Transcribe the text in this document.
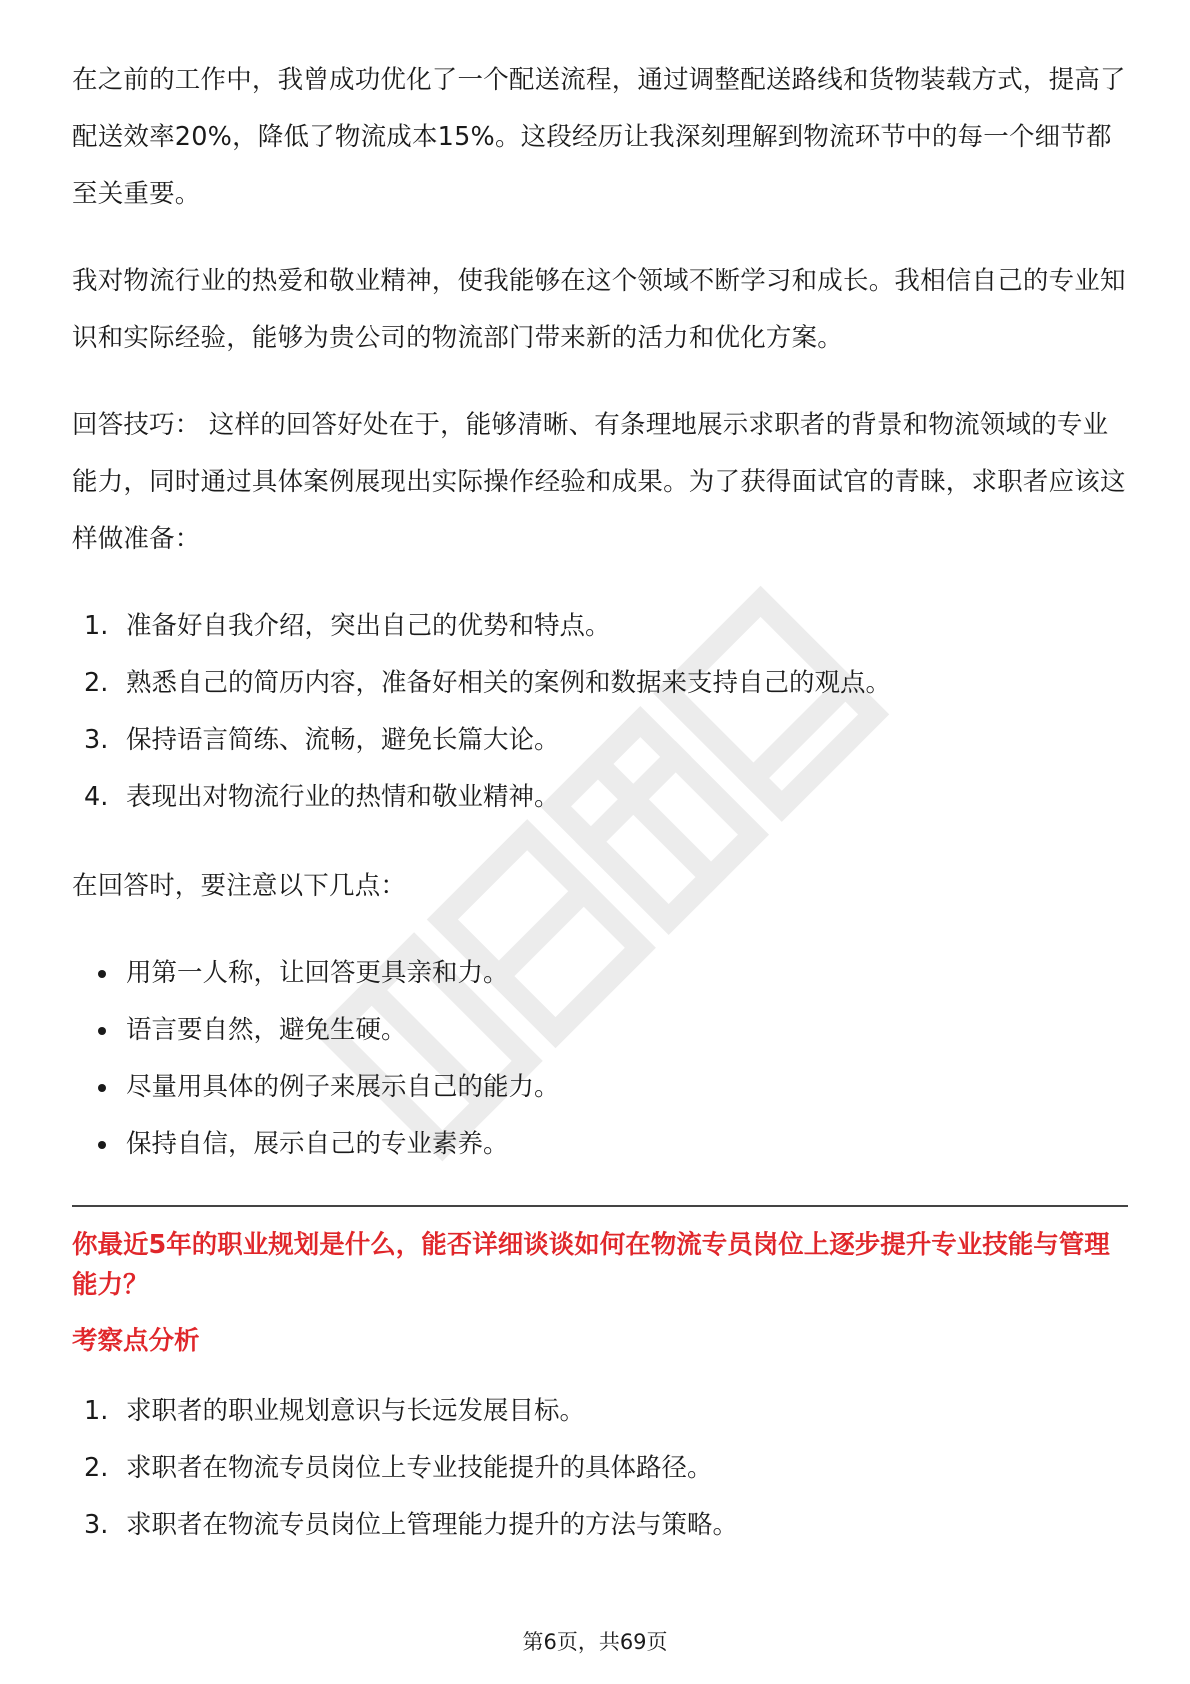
在之前的工作中，我曾成功优化了一个配送流程，通过调整配送路线和货物装载方式，提高了配送效率20%，降低了物流成本15%。这段经历让我深刻理解到物流环节中的每一个细节都至关重要。

我对物流行业的热爱和敬业精神，使我能够在这个领域不断学习和成长。我相信自己的专业知识和实际经验，能够为贵公司的物流部门带来新的活力和优化方案。

回答技巧： 这样的回答好处在于，能够清晰、有条理地展示求职者的背景和物流领域的专业能力，同时通过具体案例展现出实际操作经验和成果。为了获得面试官的青睐，求职者应该这样做准备：

1. 准备好自我介绍，突出自己的优势和特点。
2. 熟悉自己的简历内容，准备好相关的案例和数据来支持自己的观点。
3. 保持语言简练、流畅，避免长篇大论。
4. 表现出对物流行业的热情和敬业精神。

在回答时，要注意以下几点：

用第一人称，让回答更具亲和力。
语言要自然，避免生硬。
尽量用具体的例子来展示自己的能力。
保持自信，展示自己的专业素养。
你最近5年的职业规划是什么，能否详细谈谈如何在物流专员岗位上逐步提升专业技能与管理能力？
考察点分析
1. 求职者的职业规划意识与长远发展目标。
2. 求职者在物流专员岗位上专业技能提升的具体路径。
3. 求职者在物流专员岗位上管理能力提升的方法与策略。
第6页，共69页
